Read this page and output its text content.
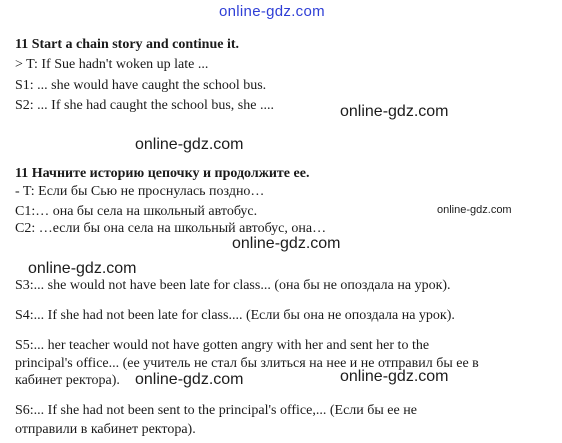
online-gdz.com
11 Start a chain story and continue it.
> T: If Sue hadn't woken up late ...
S1: ... she would have caught the school bus.
S2: ... If she had caught the school bus, she ....	online-gdz.com
online-gdz.com
11 Начните историю цепочку и продолжите ее.
- T: Если бы Сью не проснулась поздно…
C1:… она бы села на школьный автобус.	online-gdz.com
C2: …если бы она села на школьный автобус, она…
online-gdz.com
online-gdz.com
S3:... she would not have been late for class... (она бы не опоздала на урок).
S4:... If she had not been late for class.... (Если бы она не опоздала на урок).
S5:... her teacher would not have gotten angry with her and sent her to the
principal's office... (ее учитель не стал бы злиться на нее и не отправил бы ее в
кабинет ректора). online-gdz.com	online-gdz.com
S6:... If she had not been sent to the principal's office,... (Если бы ее не
отправили в кабинет ректора).
